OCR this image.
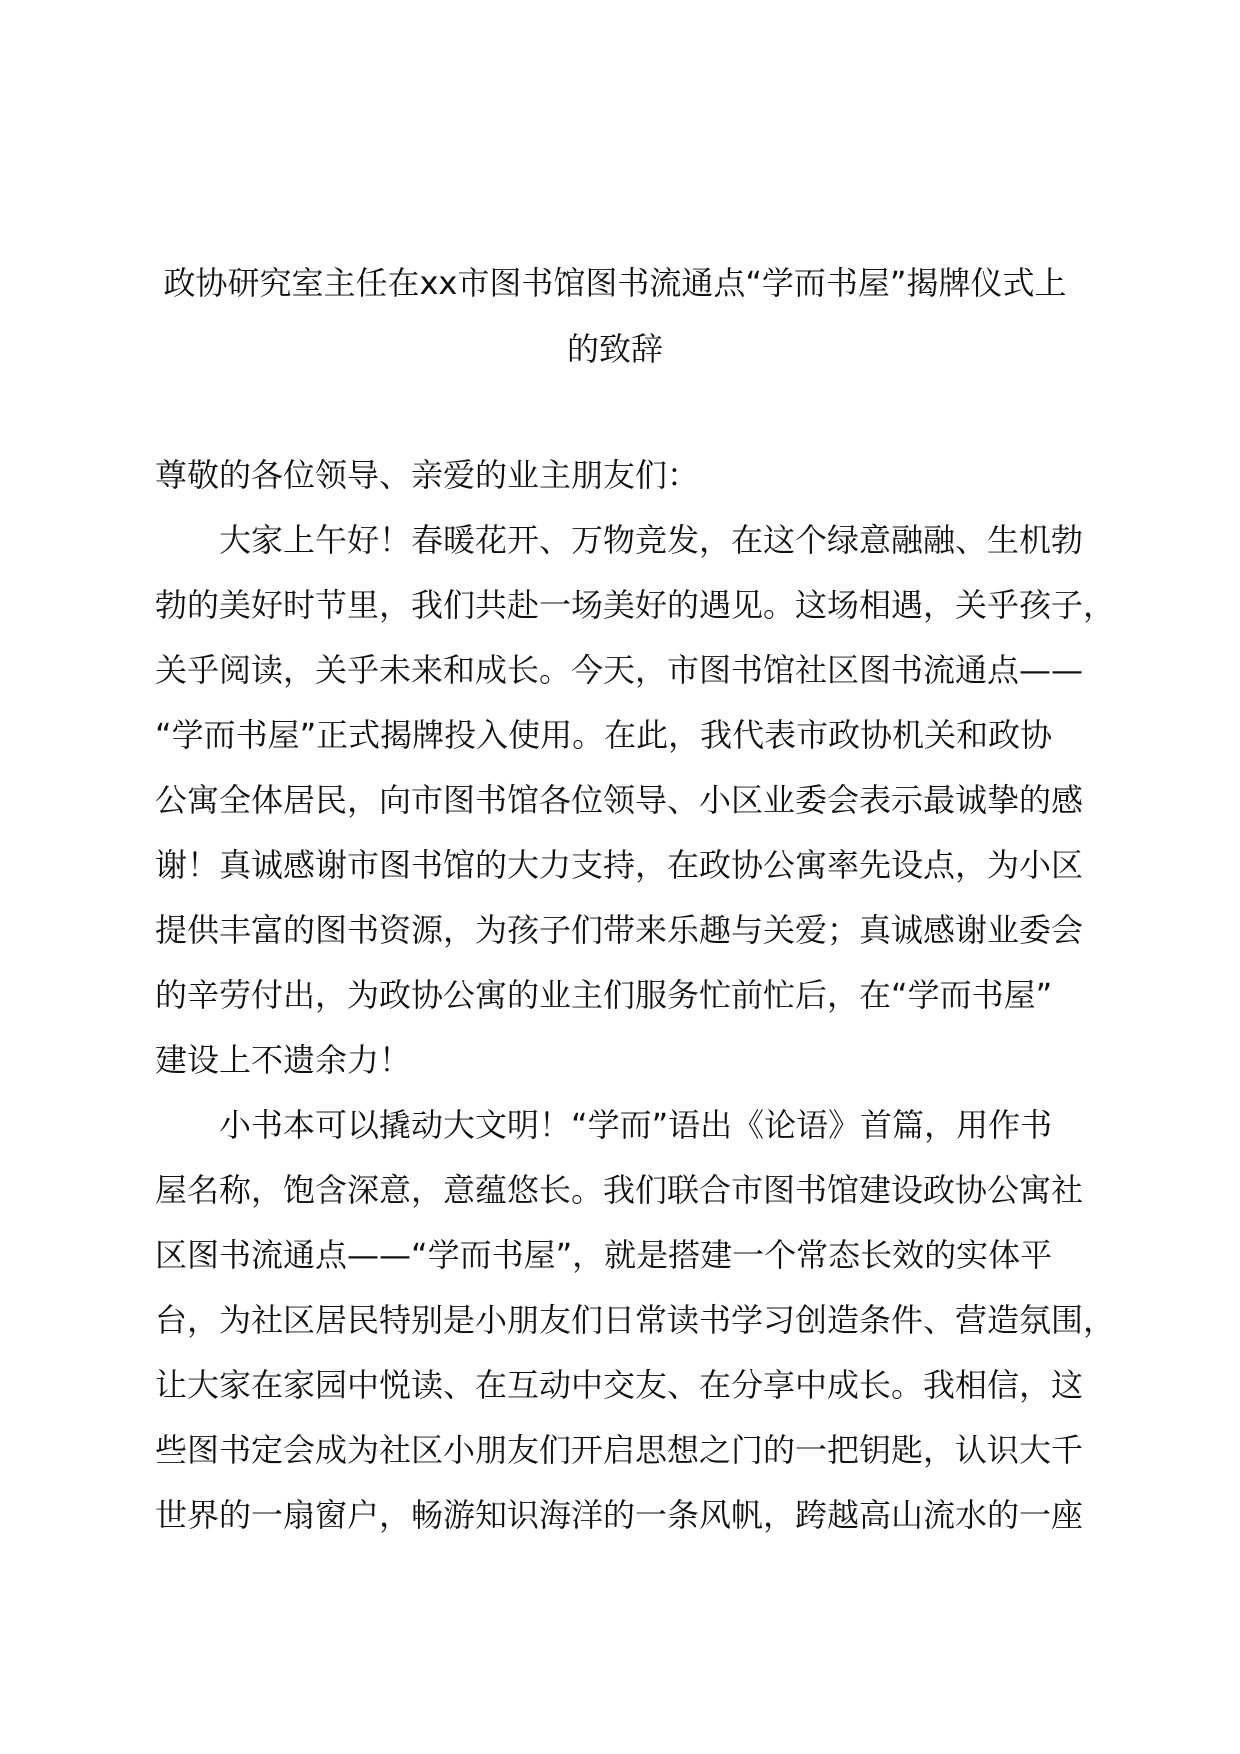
政协研究室主任在xx市图书馆图书流通点“学而书屋”揭牌仪式上
的致辞
尊敬的各位领导、亲爱的业主朋友们：
大家上午好！春暖花开、万物竞发，在这个绿意融融、生机勃
勃的美好时节里，我们共赴一场美好的遇见。这场相遇，关乎孩子，
关乎阅读，关乎未来和成长。今天，市图书馆社区图书流通点——
“学而书屋”正式揭牌投入使用。在此，我代表市政协机关和政协
公寓全体居民，向市图书馆各位领导、小区业委会表示最诚挚的感
谢！真诚感谢市图书馆的大力支持，在政协公寓率先设点，为小区
提供丰富的图书资源，为孩子们带来乐趣与关爱；真诚感谢业委会
的辛劳付出，为政协公寓的业主们服务忙前忙后，在“学而书屋”
建设上不遗余力！
小书本可以撬动大文明！“学而”语出《论语》首篇，用作书
屋名称，饱含深意，意蕴悠长。我们联合市图书馆建设政协公寓社
区图书流通点——“学而书屋”，就是搭建一个常态长效的实体平
台，为社区居民特别是小朋友们日常读书学习创造条件、营造氛围，
让大家在家园中悦读、在互动中交友、在分享中成长。我相信，这
些图书定会成为社区小朋友们开启思想之门的一把钥匙，认识大千
世界的一扇窗户，畅游知识海洋的一条风帆，跨越高山流水的一座
